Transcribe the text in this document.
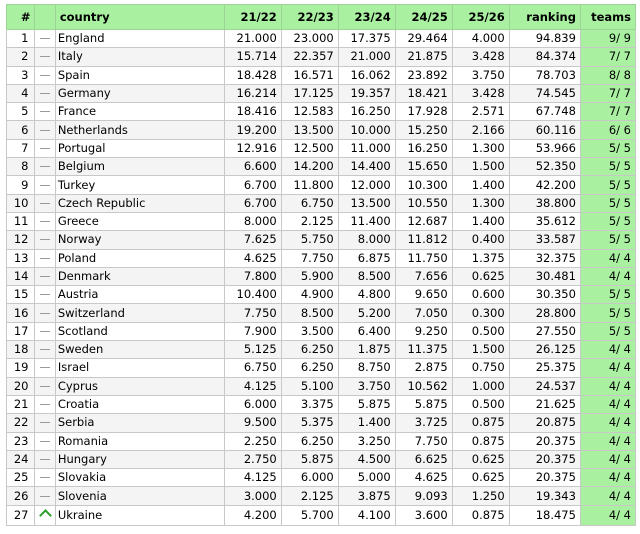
#		country	21/22	22/23	23/24	24/25	25/26	ranking	teams
1		England	21.000	23.000	17.375	29.464	4.000	94.839	9/ 9
2		Italy	15.714	22.357	21.000	21.875	3.428	84.374	7/ 7
3		Spain	18.428	16.571	16.062	23.892	3.750	78.703	8/ 8
4		Germany	16.214	17.125	19.357	18.421	3.428	74.545	7/ 7
5		France	18.416	12.583	16.250	17.928	2.571	67.748	7/ 7
6		Netherlands	19.200	13.500	10.000	15.250	2.166	60.116	6/ 6
7		Portugal	12.916	12.500	11.000	16.250	1.300	53.966	5/ 5
8		Belgium	6.600	14.200	14.400	15.650	1.500	52.350	5/ 5
9		Turkey	6.700	11.800	12.000	10.300	1.400	42.200	5/ 5
10		Czech Republic	6.700	6.750	13.500	10.550	1.300	38.800	5/ 5
11		Greece	8.000	2.125	11.400	12.687	1.400	35.612	5/ 5
12		Norway	7.625	5.750	8.000	11.812	0.400	33.587	5/ 5
13		Poland	4.625	7.750	6.875	11.750	1.375	32.375	4/ 4
14		Denmark	7.800	5.900	8.500	7.656	0.625	30.481	4/ 4
15		Austria	10.400	4.900	4.800	9.650	0.600	30.350	5/ 5
16		Switzerland	7.750	8.500	5.200	7.050	0.300	28.800	5/ 5
17		Scotland	7.900	3.500	6.400	9.250	0.500	27.550	5/ 5
18		Sweden	5.125	6.250	1.875	11.375	1.500	26.125	4/ 4
19		Israel	6.750	6.250	8.750	2.875	0.750	25.375	4/ 4
20		Cyprus	4.125	5.100	3.750	10.562	1.000	24.537	4/ 4
21		Croatia	6.000	3.375	5.875	5.875	0.500	21.625	4/ 4
22		Serbia	9.500	5.375	1.400	3.725	0.875	20.875	4/ 4
23		Romania	2.250	6.250	3.250	7.750	0.875	20.375	4/ 4
24		Hungary	2.750	5.875	4.500	6.625	0.625	20.375	4/ 4
25		Slovakia	4.125	6.000	5.000	4.625	0.625	20.375	4/ 4
26		Slovenia	3.000	2.125	3.875	9.093	1.250	19.343	4/ 4
27		Ukraine	4.200	5.700	4.100	3.600	0.875	18.475	4/ 4
